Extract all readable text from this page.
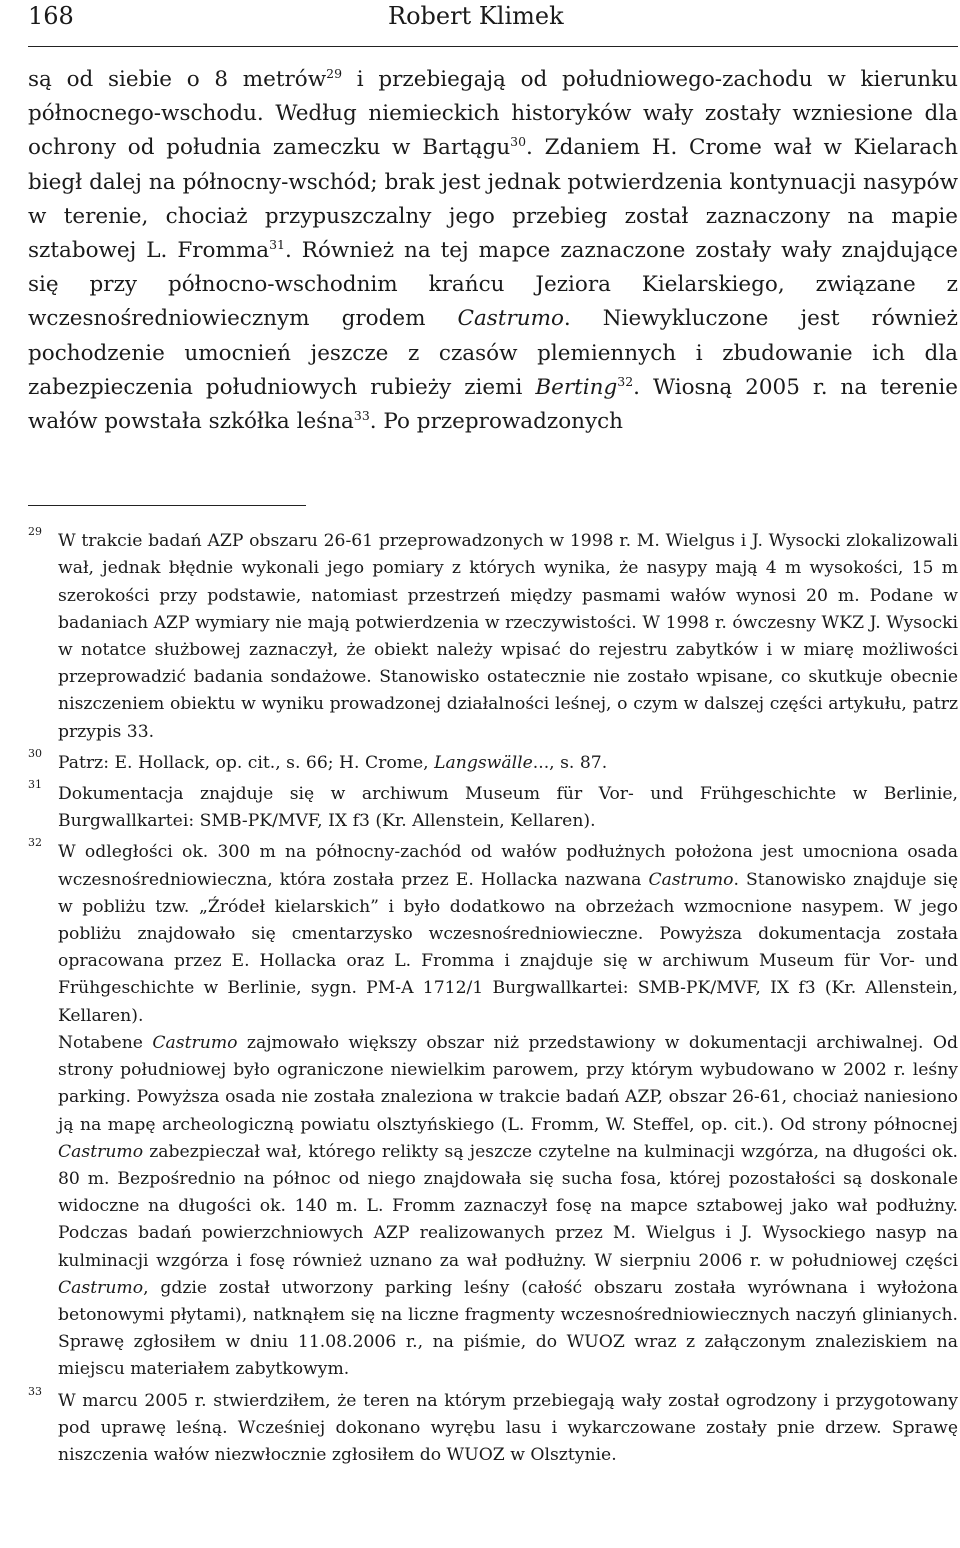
168	Robert Klimek

są od siebie o 8 metrów$^{29}$ i przebiegają od południowego-zachodu w kierunku północnego-wschodu. Według niemieckich historyków wały zostały wzniesione dla ochrony od południa zameczku w Bartągu$^{30}$. Zdaniem H. Crome wał w Kielarach biegł dalej na północny-wschód; brak jest jednak potwierdzenia kontynuacji nasypów w terenie, chociaż przypuszczalny jego przebieg został zaznaczony na mapie sztabowej L. Fromma$^{31}$. Również na tej mapce zaznaczone zostały wały znajdujące się przy północno-wschodnim krańcu Jeziora Kielarskiego, związane z wczesnośredniowiecznym grodem Castrumo. Niewykluczone jest również pochodzenie umocnień jeszcze z czasów plemiennych i zbudowanie ich dla zabezpieczenia południowych rubieży ziemi Berting$^{32}$. Wiosną 2005 r. na terenie wałów powstała szkółka leśna$^{33}$. Po przeprowadzonych

29 W trakcie badań AZP obszaru 26-61 przeprowadzonych w 1998 r. M. Wielgus i J. Wysocki zlokalizowali wał, jednak błędnie wykonali jego pomiary z których wynika, że nasypy mają 4 m wysokości, 15 m szerokości przy podstawie, natomiast przestrzeń między pasmami wałów wynosi 20 m. Podane w badaniach AZP wymiary nie mają potwierdzenia w rzeczywistości. W 1998 r. ówczesny WKZ J. Wysocki w notatce służbowej zaznaczył, że obiekt należy wpisać do rejestru zabytków i w miarę możliwości przeprowadzić badania sondażowe. Stanowisko ostatecznie nie zostało wpisane, co skutkuje obecnie niszczeniem obiektu w wyniku prowadzonej działalności leśnej, o czym w dalszej części artykułu, patrz przypis 33.

30 Patrz: E. Hollack, op. cit., s. 66; H. Crome, Langswälle..., s. 87.

31 Dokumentacja znajduje się w archiwum Museum für Vor- und Frühgeschichte w Berlinie, Burgwallkartei: SMB-PK/MVF, IX f3 (Kr. Allenstein, Kellaren).

32 W odległości ok. 300 m na północny-zachód od wałów podłużnych położona jest umocniona osada wczesnośredniowieczna, która została przez E. Hollacka nazwana Castrumo. Stanowisko znajduje się w pobliżu tzw. „Źródeł kielarskich” i było dodatkowo na obrzeżach wzmocnione nasypem. W jego pobliżu znajdowało się cmentarzysko wczesnośredniowieczne. Powyższa dokumentacja została opracowana przez E. Hollacka oraz L. Fromma i znajduje się w archiwum Museum für Vor- und Frühgeschichte w Berlinie, sygn. PM-A 1712/1 Burgwallkartei: SMB-PK/MVF, IX f3 (Kr. Allenstein, Kellaren).

Notabene Castrumo zajmowało większy obszar niż przedstawiony w dokumentacji archiwalnej. Od strony południowej było ograniczone niewielkim parowem, przy którym wybudowano w 2002 r. leśny parking. Powyższa osada nie została znaleziona w trakcie badań AZP, obszar 26-61, chociaż naniesiono ją na mapę archeologiczną powiatu olsztyńskiego (L. Fromm, W. Steffel, op. cit.). Od strony północnej Castrumo zabezpieczał wał, którego relikty są jeszcze czytelne na kulminacji wzgórza, na długości ok. 80 m. Bezpośrednio na północ od niego znajdowała się sucha fosa, której pozostałości są doskonale widoczne na długości ok. 140 m. L. Fromm zaznaczył fosę na mapce sztabowej jako wał podłużny. Podczas badań powierzchniowych AZP realizowanych przez M. Wielgus i J. Wysockiego nasyp na kulminacji wzgórza i fosę również uznano za wał podłużny. W sierpniu 2006 r. w południowej części Castrumo, gdzie został utworzony parking leśny (całość obszaru została wyrównana i wyłożona betonowymi płytami), natknąłem się na liczne fragmenty wczesnośredniowiecznych naczyń glinianych. Sprawę zgłosiłem w dniu 11.08.2006 r., na piśmie, do WUOZ wraz z załączonym znaleziskiem na miejscu materiałem zabytkowym.

33 W marcu 2005 r. stwierdziłem, że teren na którym przebiegają wały został ogrodzony i przygotowany pod uprawę leśną. Wcześniej dokonano wyrębu lasu i wykarczowane zostały pnie drzew. Sprawę niszczenia wałów niezwłocznie zgłosiłem do WUOZ w Olsztynie.
